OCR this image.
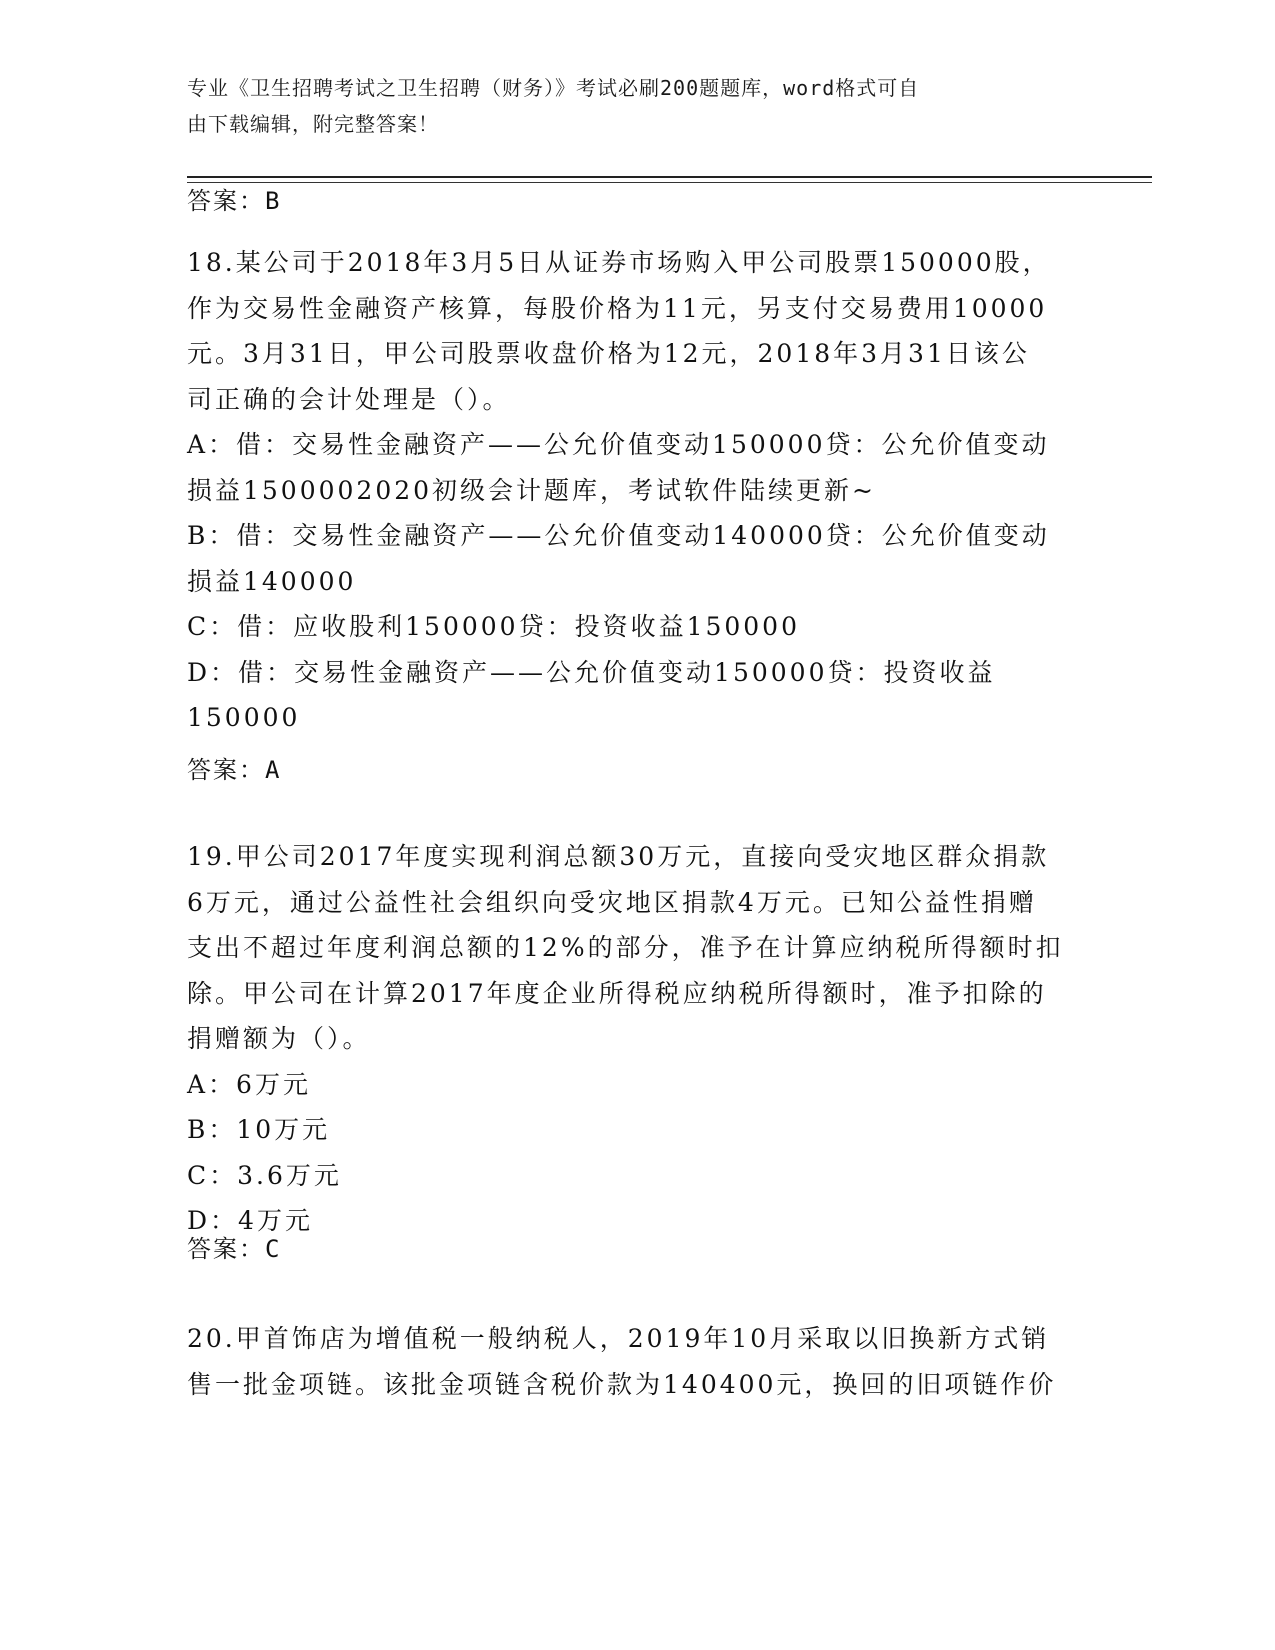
专业《卫生招聘考试之卫生招聘（财务）》考试必刷200题题库，word格式可自
由下载编辑，附完整答案！
答案：B
18.某公司于2018年3月5日从证券市场购入甲公司股票150000股，
作为交易性金融资产核算，每股价格为11元，另支付交易费用10000
元。3月31日，甲公司股票收盘价格为12元，2018年3月31日该公
司正确的会计处理是（）。
A：借：交易性金融资产——公允价值变动150000贷：公允价值变动
损益1500002020初级会计题库，考试软件陆续更新~
B：借：交易性金融资产——公允价值变动140000贷：公允价值变动
损益140000
C：借：应收股利150000贷：投资收益150000
D：借：交易性金融资产——公允价值变动150000贷：投资收益
150000
答案：A
19.甲公司2017年度实现利润总额30万元，直接向受灾地区群众捐款
6万元，通过公益性社会组织向受灾地区捐款4万元。已知公益性捐赠
支出不超过年度利润总额的12%的部分，准予在计算应纳税所得额时扣
除。甲公司在计算2017年度企业所得税应纳税所得额时，准予扣除的
捐赠额为（）。
A：6万元
B：10万元
C：3.6万元
D：4万元
答案：C
20.甲首饰店为增值税一般纳税人，2019年10月采取以旧换新方式销
售一批金项链。该批金项链含税价款为140400元，换回的旧项链作价
